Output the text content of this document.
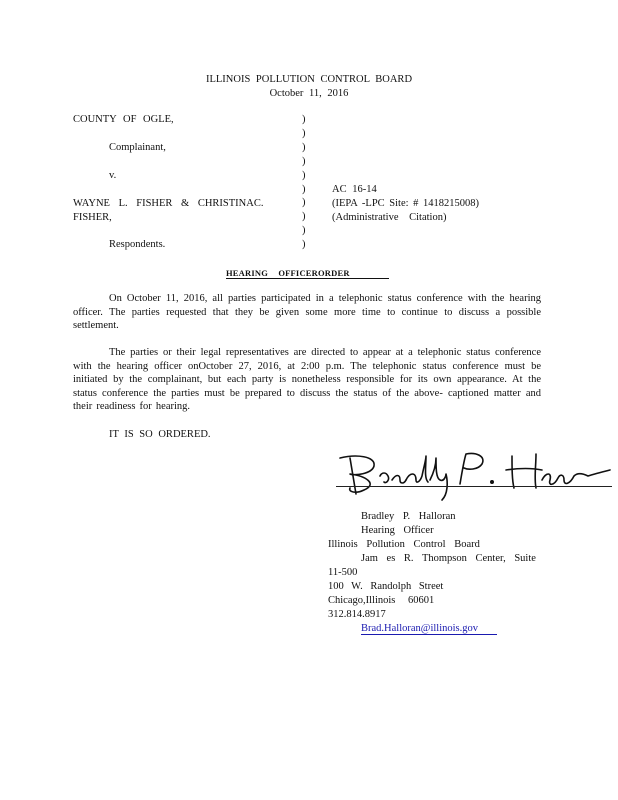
ILLINOIS POLLUTION CONTROL BOARD
October 11, 2016
COUNTY OF OGLE,
Complainant,
v.
WAYNE L. FISHER & CHRISTINAC.
FISHER,
Respondents.
)
)
)
)
)
)
)
)
)
)
AC 16-14
(IEPA -LPC Site: # 1418215008)
(Administrative Citation)
HEARING OFFICERORDER
On October 11, 2016, all parties participated in a telephonic status conference with the hearing officer. The parties requested that they be given some more time to continue to discuss a possible settlement.
The parties or their legal representatives are directed to appear at a telephonic status conference with the hearing officer onOctober 27, 2016, at 2:00 p.m. The telephonic status conference must be initiated by the complainant, but each party is nonetheless responsible for its own appearance. At the status conference the parties must be prepared to discuss the status of the above- captioned matter and their readiness for hearing.
IT IS SO ORDERED.
Bradley P. Halloran
Hearing Officer
Illinois Pollution Control Board
Jam es R. Thompson Center, Suite
11-500
100 W. Randolph Street
Chicago,Illinois 60601
312.814.8917
Brad.Halloran@illinois.gov
